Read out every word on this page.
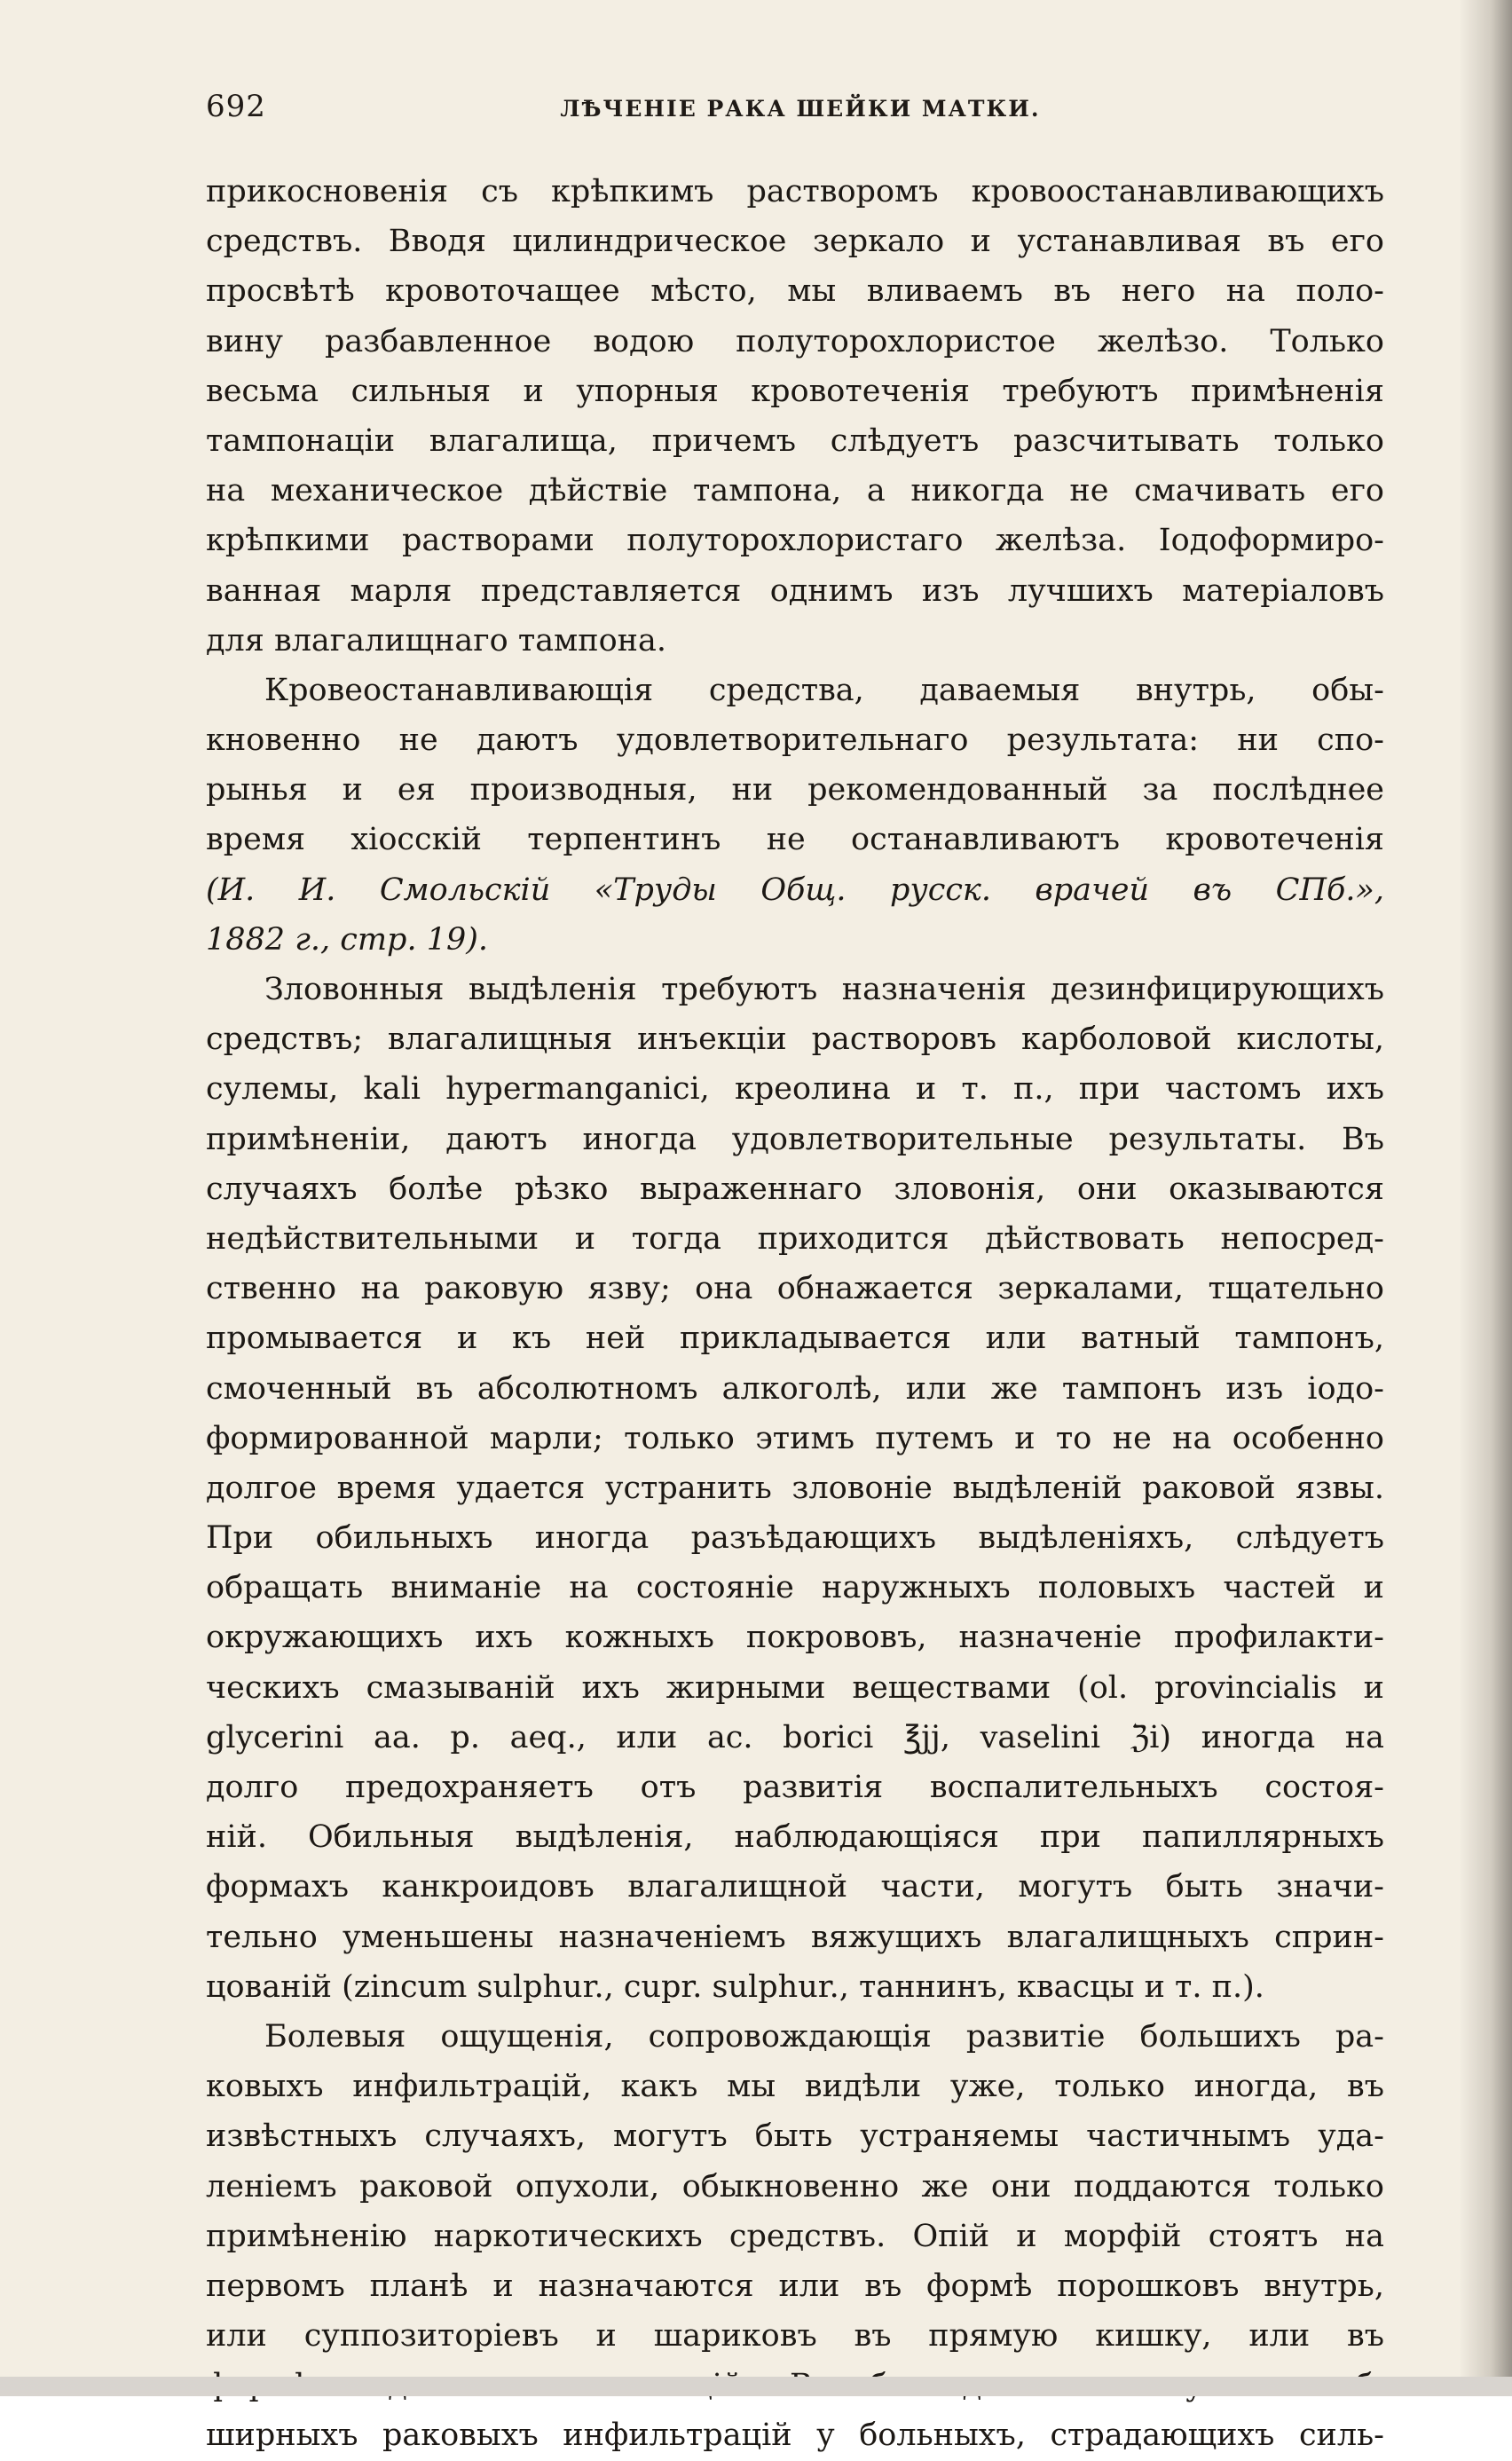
692	ЛѢЧЕНІЕ РАКА ШЕЙКИ МАТКИ.
прикосновенія съ крѣпкимъ растворомъ кровоостанавливающихъ
средствъ. Вводя цилиндрическое зеркало и устанавливая въ его
просвѣтѣ кровоточащее мѣсто, мы вливаемъ въ него на поло-
вину разбавленное водою полуторохлористое желѣзо. Только
весьма сильныя и упорныя кровотеченія требуютъ примѣненія
тампонаціи влагалища, причемъ слѣдуетъ разсчитывать только
на механическое дѣйствіе тампона, а никогда не смачивать его
крѣпкими растворами полуторохлористаго желѣза. Іодоформиро-
ванная марля представляется однимъ изъ лучшихъ матеріаловъ
для влагалищнаго тампона.
Кровеостанавливающія средства, даваемыя внутрь, обы-
кновенно не даютъ удовлетворительнаго результата: ни спо-
рынья и ея производныя, ни рекомендованный за послѣднее
время хіосскій терпентинъ не останавливаютъ кровотеченія
(И. И. Смольскій «Труды Общ. русск. врачей въ СПб.»,
1882 г., стр. 19).
Зловонныя выдѣленія требуютъ назначенія дезинфицирующихъ
средствъ; влагалищныя инъекціи растворовъ карболовой кислоты,
сулемы, kali hypermanganici, креолина и т. п., при частомъ ихъ
примѣненіи, даютъ иногда удовлетворительные результаты. Въ
случаяхъ болѣе рѣзко выраженнаго зловонія, они оказываются
недѣйствительными и тогда приходится дѣйствовать непосред-
ственно на раковую язву; она обнажается зеркалами, тщательно
промывается и къ ней прикладывается или ватный тампонъ,
смоченный въ абсолютномъ алкоголѣ, или же тампонъ изъ іодо-
формированной марли; только этимъ путемъ и то не на особенно
долгое время удается устранить зловоніе выдѣленій раковой язвы.
При обильныхъ иногда разъѣдающихъ выдѣленіяхъ, слѣдуетъ
обращать вниманіе на состояніе наружныхъ половыхъ частей и
окружающихъ ихъ кожныхъ покрововъ, назначеніе профилакти-
ческихъ смазываній ихъ жирными веществами (ol. provincialis и
glycerini aa. p. aeq., или ac. borici ℥jj, vaselini ℨi) иногда на
долго предохраняетъ отъ развитія воспалительныхъ состоя-
ній. Обильныя выдѣленія, наблюдающіяся при папиллярныхъ
формахъ канкроидовъ влагалищной части, могутъ быть значи-
тельно уменьшены назначеніемъ вяжущихъ влагалищныхъ сприн-
цованій (zincum sulphur., cupr. sulphur., таннинъ, квасцы и т. п.).
Болевыя ощущенія, сопровождающія развитіе большихъ ра-
ковыхъ инфильтрацій, какъ мы видѣли уже, только иногда, въ
извѣстныхъ случаяхъ, могутъ быть устраняемы частичнымъ уда-
леніемъ раковой опухоли, обыкновенно же они поддаются только
примѣненію наркотическихъ средствъ. Опій и морфій стоятъ на
первомъ планѣ и назначаются или въ формѣ порошковъ внутрь,
или суппозиторіевъ и шариковъ въ прямую кишку, или въ
ширныхъ раковыхъ инфильтрацій у больныхъ, страдающихъ силь-
